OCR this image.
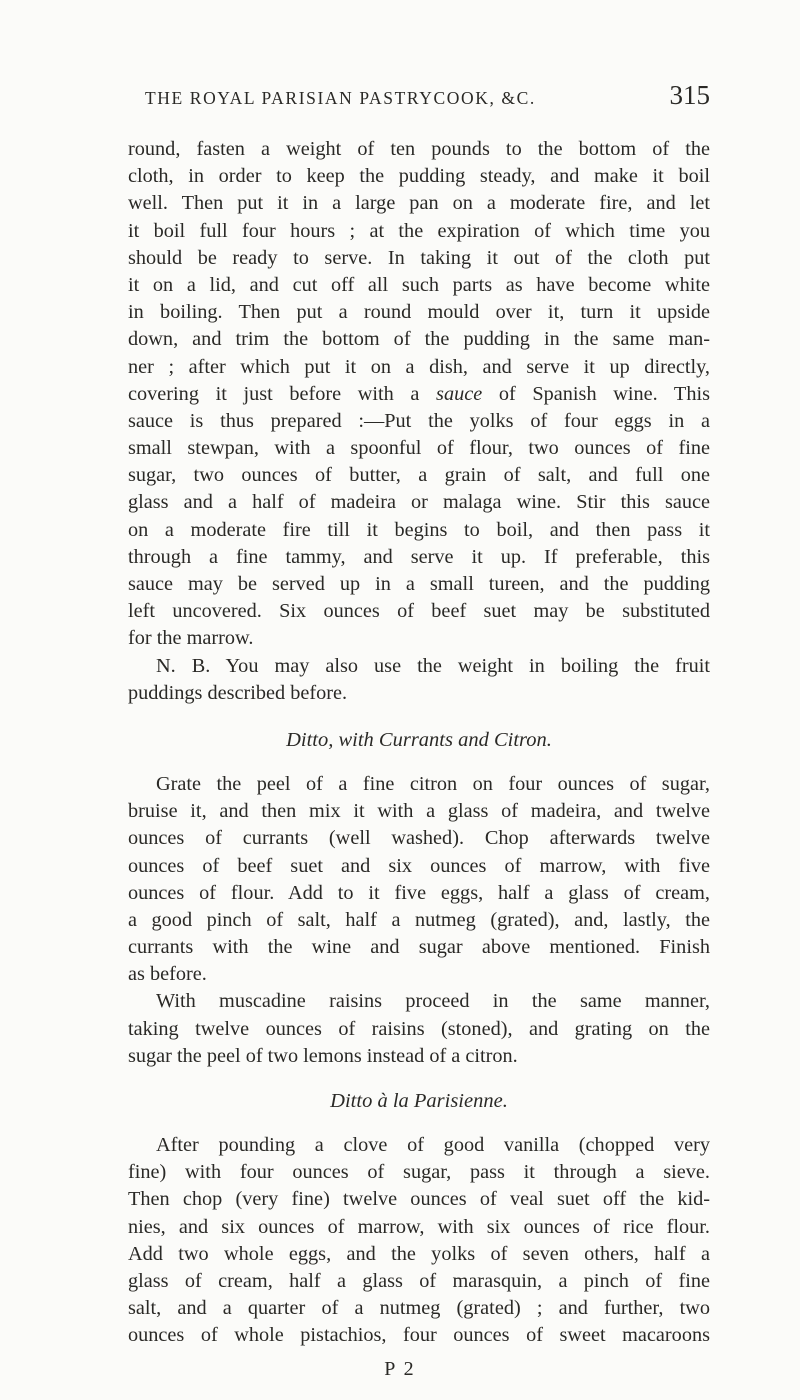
THE ROYAL PARISIAN PASTRYCOOK, &C.	315
round, fasten a weight of ten pounds to the bottom of the
cloth, in order to keep the pudding steady, and make it boil
well. Then put it in a large pan on a moderate fire, and let
it boil full four hours ; at the expiration of which time you
should be ready to serve. In taking it out of the cloth put
it on a lid, and cut off all such parts as have become white
in boiling. Then put a round mould over it, turn it upside
down, and trim the bottom of the pudding in the same man-
ner ; after which put it on a dish, and serve it up directly,
covering it just before with a sauce of Spanish wine. This
sauce is thus prepared :—Put the yolks of four eggs in a
small stewpan, with a spoonful of flour, two ounces of fine
sugar, two ounces of butter, a grain of salt, and full one
glass and a half of madeira or malaga wine. Stir this sauce
on a moderate fire till it begins to boil, and then pass it
through a fine tammy, and serve it up. If preferable, this
sauce may be served up in a small tureen, and the pudding
left uncovered. Six ounces of beef suet may be substituted
for the marrow.
N. B. You may also use the weight in boiling the fruit
puddings described before.
Ditto, with Currants and Citron.
Grate the peel of a fine citron on four ounces of sugar,
bruise it, and then mix it with a glass of madeira, and twelve
ounces of currants (well washed). Chop afterwards twelve
ounces of beef suet and six ounces of marrow, with five
ounces of flour. Add to it five eggs, half a glass of cream,
a good pinch of salt, half a nutmeg (grated), and, lastly, the
currants with the wine and sugar above mentioned. Finish
as before.
With muscadine raisins proceed in the same manner,
taking twelve ounces of raisins (stoned), and grating on the
sugar the peel of two lemons instead of a citron.
Ditto à la Parisienne.
After pounding a clove of good vanilla (chopped very
fine) with four ounces of sugar, pass it through a sieve.
Then chop (very fine) twelve ounces of veal suet off the kid-
nies, and six ounces of marrow, with six ounces of rice flour.
Add two whole eggs, and the yolks of seven others, half a
glass of cream, half a glass of marasquin, a pinch of fine
salt, and a quarter of a nutmeg (grated) ; and further, two
ounces of whole pistachios, four ounces of sweet macaroons
P 2
